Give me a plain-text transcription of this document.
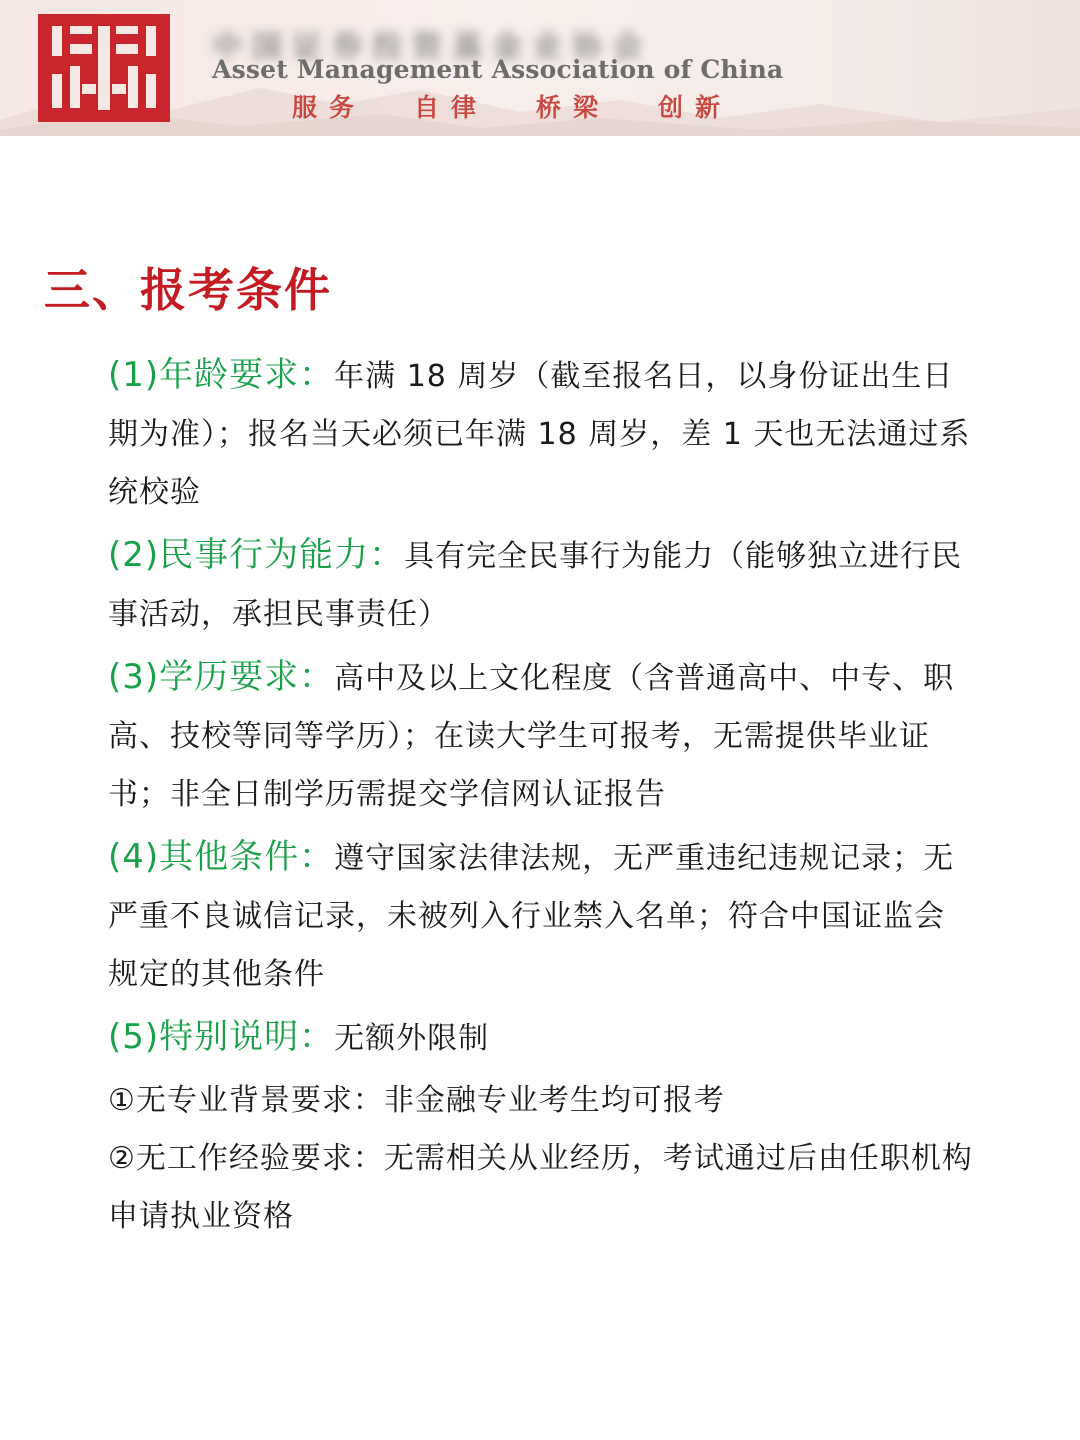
中国证券投资基金业协会
Asset Management Association of China
服务 自律 桥梁 创新
三、报考条件

(1)年龄要求：年满 18 周岁（截至报名日，以身份证出生日期为准）；报名当天必须已年满 18 周岁，差 1 天也无法通过系统校验

(2)民事行为能力：具有完全民事行为能力（能够独立进行民事活动，承担民事责任）

(3)学历要求：高中及以上文化程度（含普通高中、中专、职高、技校等同等学历）；在读大学生可报考，无需提供毕业证书；非全日制学历需提交学信网认证报告

(4)其他条件：遵守国家法律法规，无严重违纪违规记录；无严重不良诚信记录，未被列入行业禁入名单；符合中国证监会规定的其他条件

(5)特别说明：无额外限制

①无专业背景要求：非金融专业考生均可报考

②无工作经验要求：无需相关从业经历，考试通过后由任职机构申请执业资格
